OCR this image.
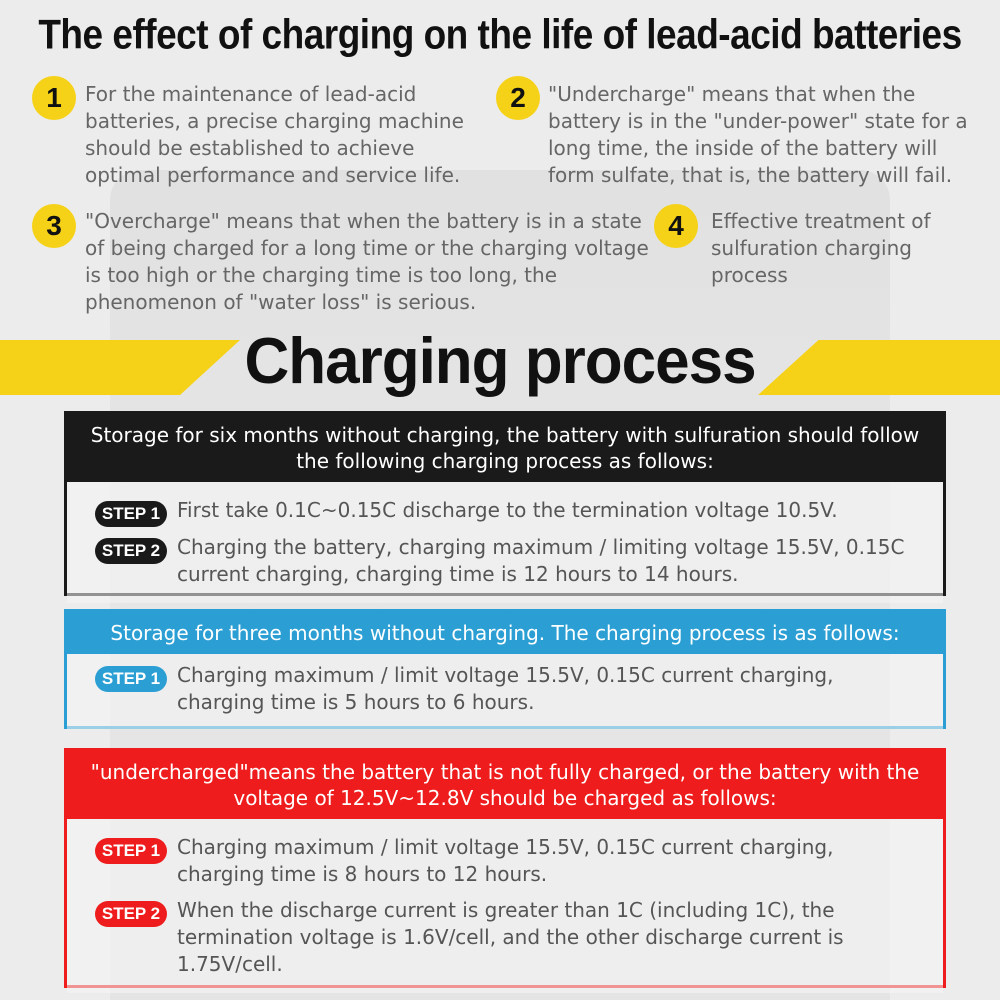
The effect of charging on the life of lead-acid batteries
1	For the maintenance of lead-acid batteries, a precise charging machine should be established to achieve optimal performance and service life.
2	"Undercharge" means that when the battery is in the "under-power" state for a long time, the inside of the battery will form sulfate, that is, the battery will fail.
3	"Overcharge" means that when the battery is in a state of being charged for a long time or the charging voltage is too high or the charging time is too long, the phenomenon of "water loss" is serious.
4	Effective treatment of sulfuration charging process
Charging process
Storage for six months without charging, the battery with sulfuration should follow the following charging process as follows:
STEP 1 First take 0.1C~0.15C discharge to the termination voltage 10.5V.
STEP 2 Charging the battery, charging maximum / limiting voltage 15.5V, 0.15C current charging, charging time is 12 hours to 14 hours.
Storage for three months without charging. The charging process is as follows:
STEP 1 Charging maximum / limit voltage 15.5V, 0.15C current charging, charging time is 5 hours to 6 hours.
"undercharged"means the battery that is not fully charged, or the battery with the voltage of 12.5V~12.8V should be charged as follows:
STEP 1 Charging maximum / limit voltage 15.5V, 0.15C current charging, charging time is 8 hours to 12 hours.
STEP 2 When the discharge current is greater than 1C (including 1C), the termination voltage is 1.6V/cell, and the other discharge current is 1.75V/cell.
